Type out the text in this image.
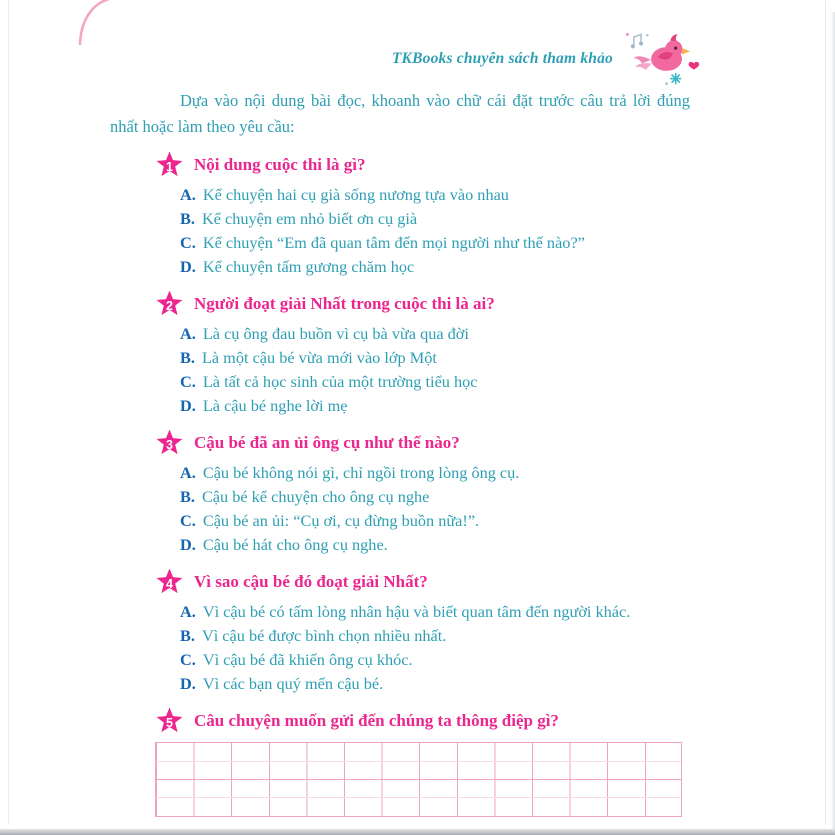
TKBooks chuyên sách tham khảo

Dựa vào nội dung bài đọc, khoanh vào chữ cái đặt trước câu trả lời đúng nhất hoặc làm theo yêu cầu:

1	Nội dung cuộc thi là gì?
A. Kể chuyện hai cụ già sống nương tựa vào nhau
B. Kể chuyện em nhỏ biết ơn cụ già
C. Kể chuyện “Em đã quan tâm đến mọi người như thế nào?”
D. Kể chuyện tấm gương chăm học
2	Người đoạt giải Nhất trong cuộc thi là ai?
A. Là cụ ông đau buồn vì cụ bà vừa qua đời
B. Là một cậu bé vừa mới vào lớp Một
C. Là tất cả học sinh của một trường tiểu học
D. Là cậu bé nghe lời mẹ
3	Cậu bé đã an ủi ông cụ như thế nào?
A. Cậu bé không nói gì, chỉ ngồi trong lòng ông cụ.
B. Cậu bé kể chuyện cho ông cụ nghe
C. Cậu bé an ủi: “Cụ ơi, cụ đừng buồn nữa!”.
D. Cậu bé hát cho ông cụ nghe.
4	Vì sao cậu bé đó đoạt giải Nhất?
A. Vì cậu bé có tấm lòng nhân hậu và biết quan tâm đến người khác.
B. Vì cậu bé được bình chọn nhiều nhất.
C. Vì cậu bé đã khiến ông cụ khóc.
D. Vì các bạn quý mến cậu bé.
5	Câu chuyện muốn gửi đến chúng ta thông điệp gì?
